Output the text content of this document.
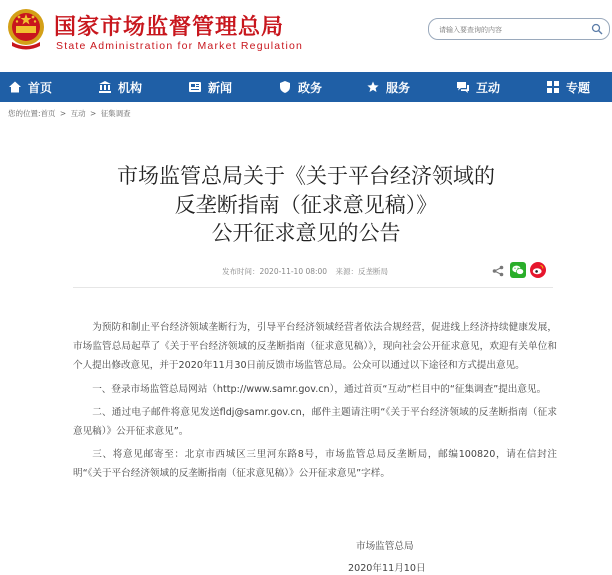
国家市场监督管理总局
State Administration for Market Regulation
请输入要查询的内容
首页	机构	新闻	政务	服务	互动	专题
您的位置:首页 > 互动 > 征集调查
市场监管总局关于《关于平台经济领域的
反垄断指南（征求意见稿）》
公开征求意见的公告
发布时间：2020-11-10 08:00 来源：反垄断局

为预防和制止平台经济领域垄断行为，引导平台经济领域经营者依法合规经营，促进线上经济持续健康发展，市场监管总局起草了《关于平台经济领域的反垄断指南（征求意见稿）》，现向社会公开征求意见，欢迎有关单位和个人提出修改意见，并于2020年11月30日前反馈市场监管总局。公众可以通过以下途径和方式提出意见。

一、登录市场监管总局网站（http://www.samr.gov.cn），通过首页“互动”栏目中的“征集调查”提出意见。

二、通过电子邮件将意见发送fldj@samr.gov.cn，邮件主题请注明“《关于平台经济领域的反垄断指南（征求意见稿）》公开征求意见”。

三、将意见邮寄至：北京市西城区三里河东路8号，市场监管总局反垄断局，邮编100820，请在信封注明“《关于平台经济领域的反垄断指南（征求意见稿）》公开征求意见”字样。

市场监管总局
2020年11月10日
